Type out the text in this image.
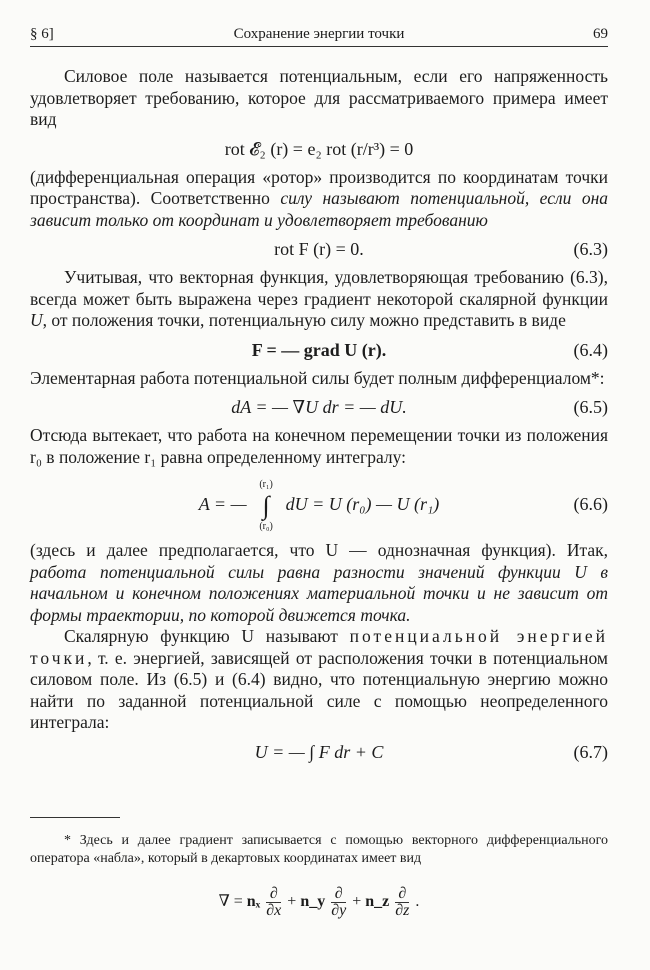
§ 6]	Сохранение энергии точки	69

Силовое поле называется потенциальным, если его напряженность удовлетворяет требованию, которое для рассматриваемого примера имеет вид

rot 𝓔₂ (r) = e₂ rot (r/r³) = 0

(дифференциальная операция «ротор» производится по координатам точки пространства). Соответственно силу называют потенциальной, если она зависит только от координат и удовлетворяет требованию

rot F (r) = 0.	(6.3)

Учитывая, что векторная функция, удовлетворяющая требованию (6.3), всегда может быть выражена через градиент некоторой скалярной функции U, от положения точки, потенциальную силу можно представить в виде

F = — grad U (r).	(6.4)

Элементарная работа потенциальной силы будет полным дифференциалом*:

dA = — ∇U dr = — dU.	(6.5)

Отсюда вытекает, что работа на конечном перемещении точки из положения r₀ в положение r₁ равна определенному интегралу:

A = —
(r₁)
∫
(r₀)
dU = U (r₀) — U (r₁)	(6.6)

(здесь и далее предполагается, что U — однозначная функция). Итак, работа потенциальной силы равна разности значений функции U в начальном и конечном положениях материальной точки и не зависит от формы траектории, по которой движется точка.

Скалярную функцию U называют потенциальной энергией точки, т. е. энергией, зависящей от расположения точки в потенциальном силовом поле. Из (6.5) и (6.4) видно, что потенциальную энергию можно найти по заданной потенциальной силе с помощью неопределенного интеграла:

U = — ∫ F dr + C	(6.7)

* Здесь и далее градиент записывается с помощью векторного дифференциального оператора «набла», который в декартовых координатах имеет вид

∇ = nₓ $\frac{\partial}{\partial x}$ + n_y $\frac{\partial}{\partial y}$ + n_z $\frac{\partial}{\partial z}$ .
